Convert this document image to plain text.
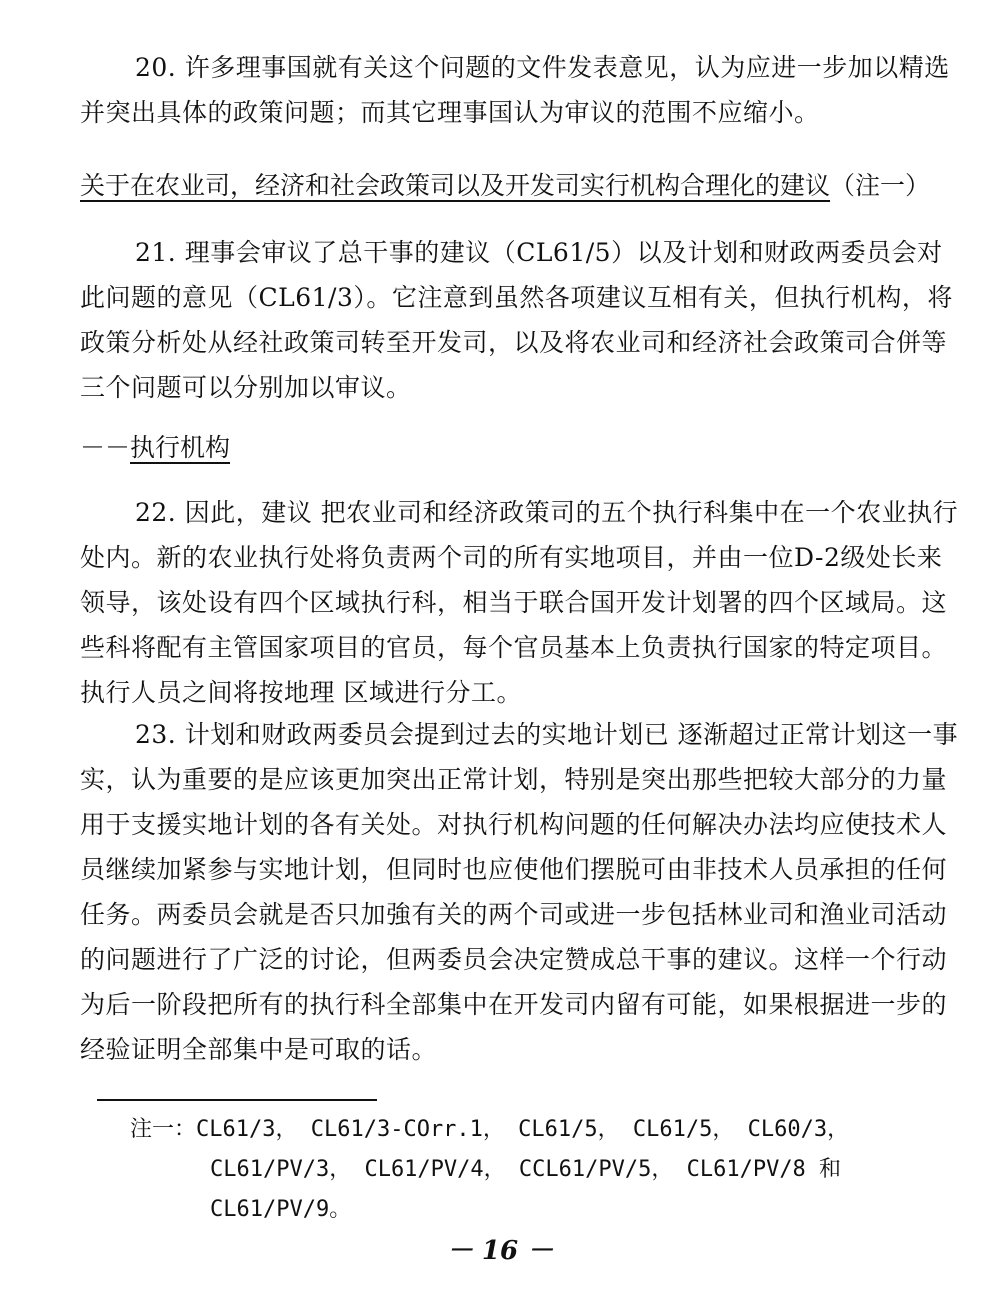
20. 许多理事国就有关这个问题的文件发表意见，认为应进一步加以精选并突出具体的政策问题；而其它理事国认为审议的范围不应缩小。

关于在农业司，经济和社会政策司以及开发司实行机构合理化的建议（注一）

21. 理事会审议了总干事的建议（CL61/5）以及计划和财政两委员会对此问题的意见（CL61/3）。它注意到虽然各项建议互相有关，但执行机构，将政策分析处从经社政策司转至开发司，以及将农业司和经济社会政策司合併等三个问题可以分别加以审议。

－－执行机构

22. 因此，建议 把农业司和经济政策司的五个执行科集中在一个农业执行处内。新的农业执行处将负责两个司的所有实地项目，并由一位D-2级处长来领导，该处设有四个区域执行科，相当于联合国开发计划署的四个区域局。这些科将配有主管国家项目的官员，每个官员基本上负责执行国家的特定项目。执行人员之间将按地理 区域进行分工。

23. 计划和财政两委员会提到过去的实地计划已 逐渐超过正常计划这一事实，认为重要的是应该更加突出正常计划，特别是突出那些把较大部分的力量用于支援实地计划的各有关处。对执行机构问题的任何解决办法均应使技术人员继续加紧参与实地计划，但同时也应使他们摆脱可由非技术人员承担的任何任务。两委员会就是否只加強有关的两个司或进一步包括林业司和渔业司活动的问题进行了广泛的讨论，但两委员会决定赞成总干事的建议。这样一个行动为后一阶段把所有的执行科全部集中在开发司内留有可能，如果根据进一步的经验证明全部集中是可取的话。

注一：CL61/3， CL61/3-COrr.1， CL61/5， CL61/5， CL60/3，
CL61/PV/3， CL61/PV/4， CCL61/PV/5， CL61/PV/8 和
CL61/PV/9。

－ 16 －
